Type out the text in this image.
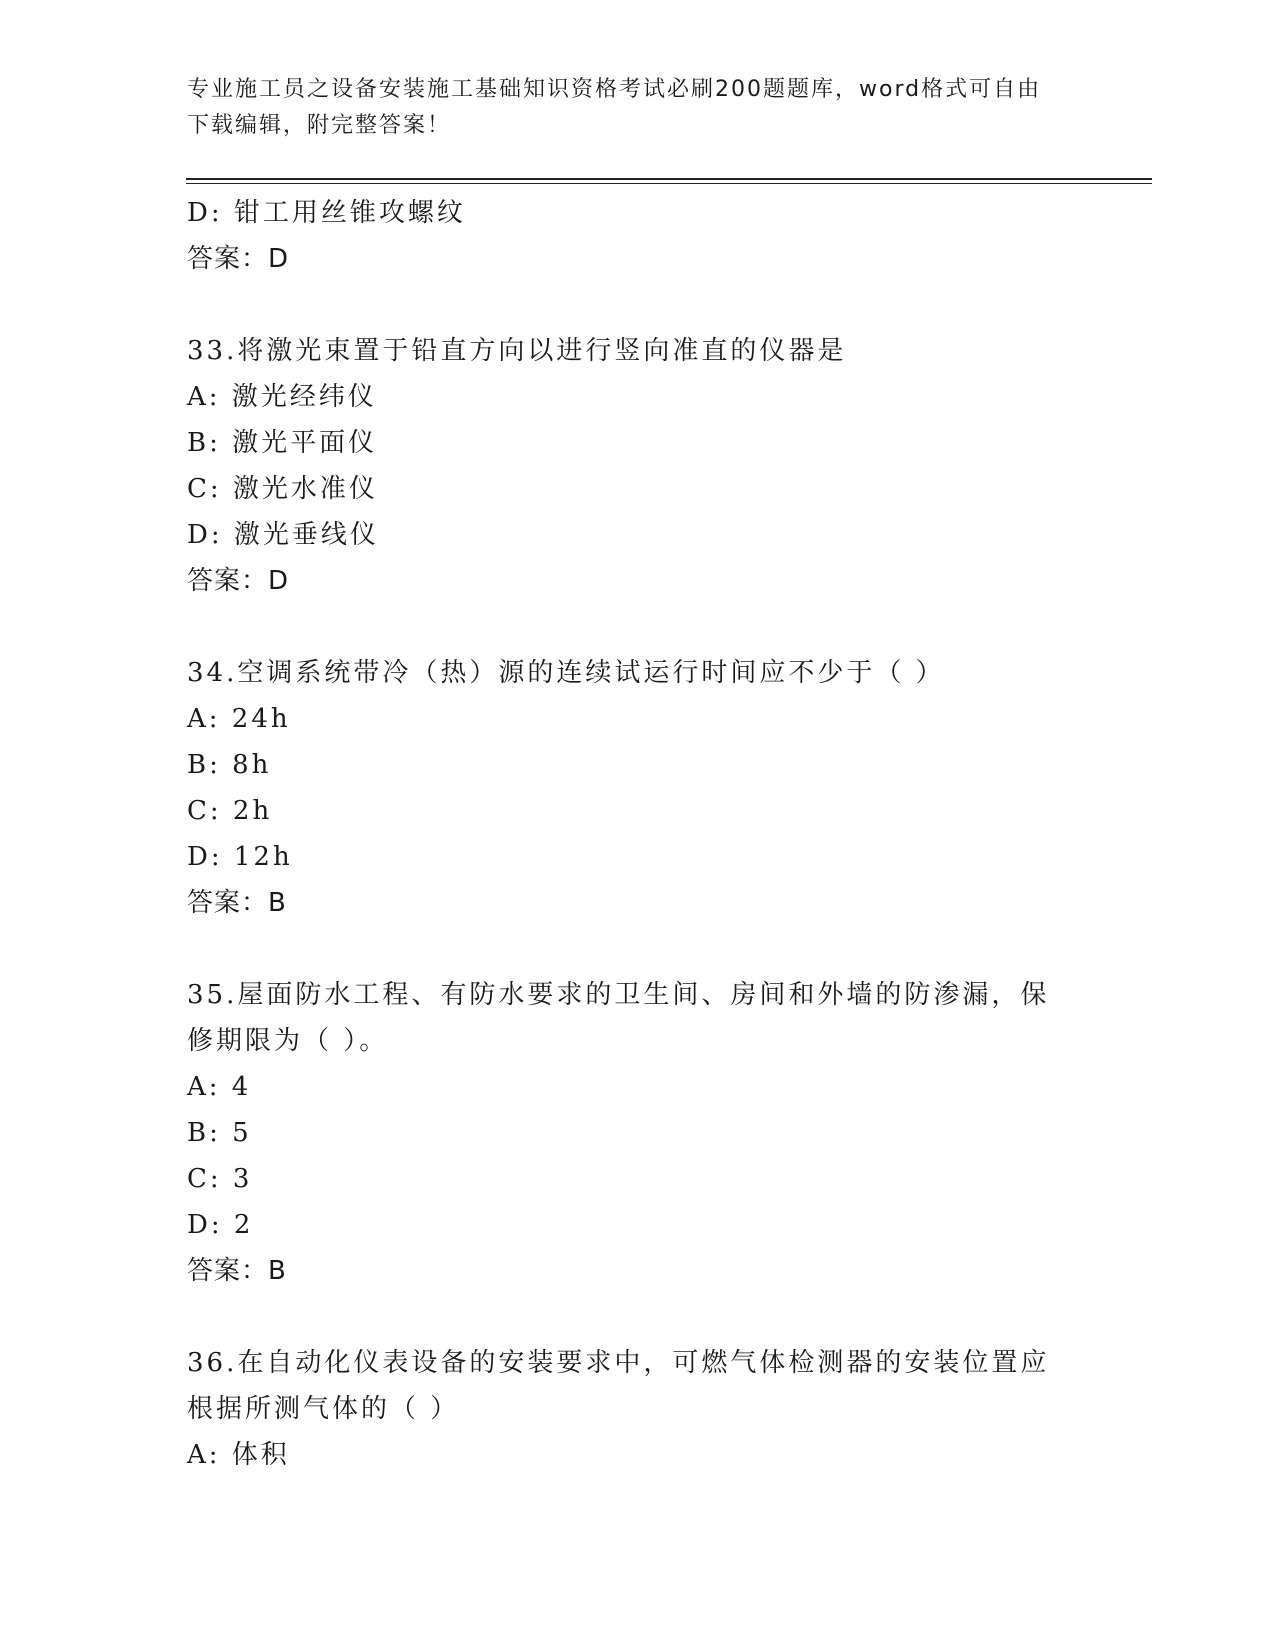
专业施工员之设备安装施工基础知识资格考试必刷200题题库，word格式可自由
下载编辑，附完整答案！
D: 钳工用丝锥攻螺纹
答案：D
33.将激光束置于铅直方向以进行竖向准直的仪器是
A: 激光经纬仪
B: 激光平面仪
C: 激光水准仪
D: 激光垂线仪
答案：D
34.空调系统带冷（热）源的连续试运行时间应不少于（ ）
A: 24h
B: 8h
C: 2h
D: 12h
答案：B
35.屋面防水工程、有防水要求的卫生间、房间和外墙的防渗漏，保修期限为（ ）。
A: 4
B: 5
C: 3
D: 2
答案：B
36.在自动化仪表设备的安装要求中，可燃气体检测器的安装位置应根据所测气体的（ ）
A: 体积
